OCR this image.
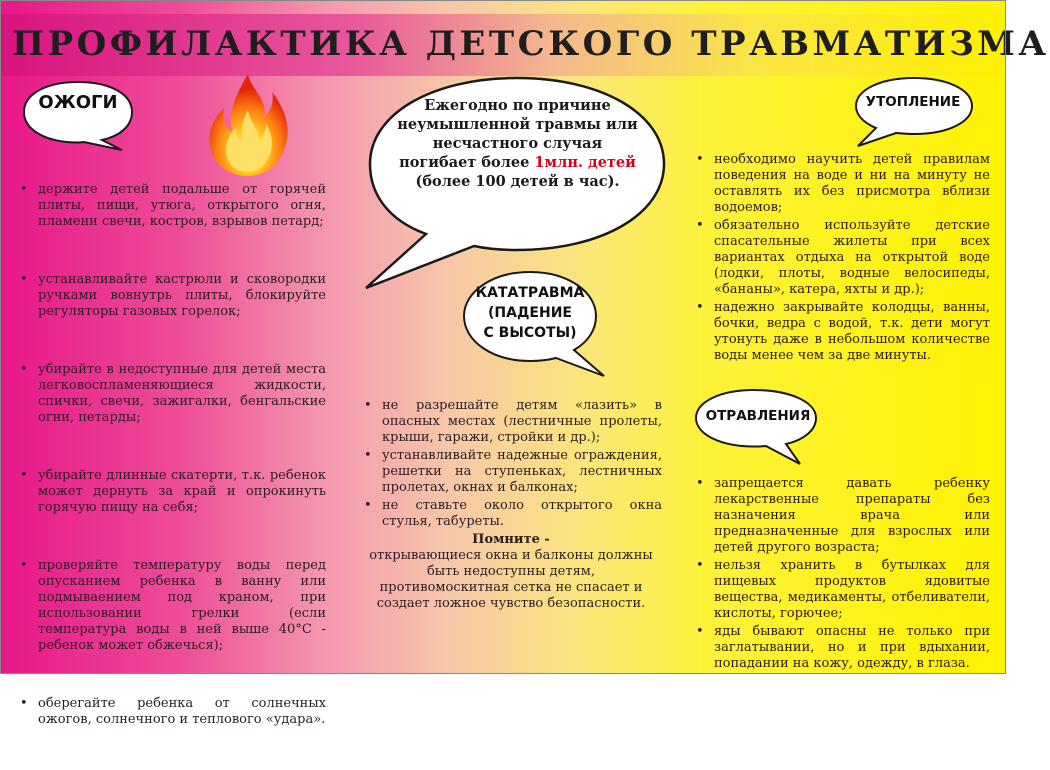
ПРОФИЛАКТИКА ДЕТСКОГО ТРАВМАТИЗМА
ОЖОГИ
• держите детей подальше от горячей плиты, пищи, утюга, открытого огня, пламени свечи, костров, взрывов петард;
• устанавливайте кастрюли и сковородки ручками вовнутрь плиты, блокируйте регуляторы газовых горелок;
• убирайте в недоступные для детей места легковоспламеняющиеся жидкости, спички, свечи, зажигалки, бенгальские огни, петарды;
• убирайте длинные скатерти, т.к. ребенок может дернуть за край и опрокинуть горячую пищу на себя;
• проверяйте температуру воды перед опусканием ребенка в ванну или подмываением под краном, при использовании грелки (если температура воды в ней выше 40°С - ребенок может обжечься);
• оберегайте ребенка от солнечных ожогов, солнечного и теплового «удара».
Ежегодно по причине
неумышленной травмы или
несчастного случая
погибает более 1млн. детей
(более 100 детей в час).
КАТАТРАВМА
(ПАДЕНИЕ
С ВЫСОТЫ)
• не разрешайте детям «лазить» в опасных местах (лестничные пролеты, крыши, гаражи, стройки и др.);
• устанавливайте надежные ограждения, решетки на ступеньках, лестничных пролетах, окнах и балконах;
• не ставьте около открытого окна стулья, табуреты.
Помните -
открывающиеся окна и балконы должны быть недоступны детям, противомоскитная сетка не спасает и создает ложное чувство безопасности.
УТОПЛЕНИЕ
• необходимо научить детей правилам поведения на воде и ни на минуту не оставлять их без присмотра вблизи водоемов;
• обязательно используйте детские спасательные жилеты при всех вариантах отдыха на открытой воде (лодки, плоты, водные велосипеды, «бананы», катера, яхты и др.);
• надежно закрывайте колодцы, ванны, бочки, ведра с водой, т.к. дети могут утонуть даже в небольшом количестве воды менее чем за две минуты.
ОТРАВЛЕНИЯ
• запрещается давать ребенку лекарственные препараты без назначения врача или предназначенные для взрослых или детей другого возраста;
• нельзя хранить в бутылках для пищевых продуктов ядовитые вещества, медикаменты, отбеливатели, кислоты, горючее;
• яды бывают опасны не только при заглатывании, но и при вдыхании, попадании на кожу, одежду, в глаза.
